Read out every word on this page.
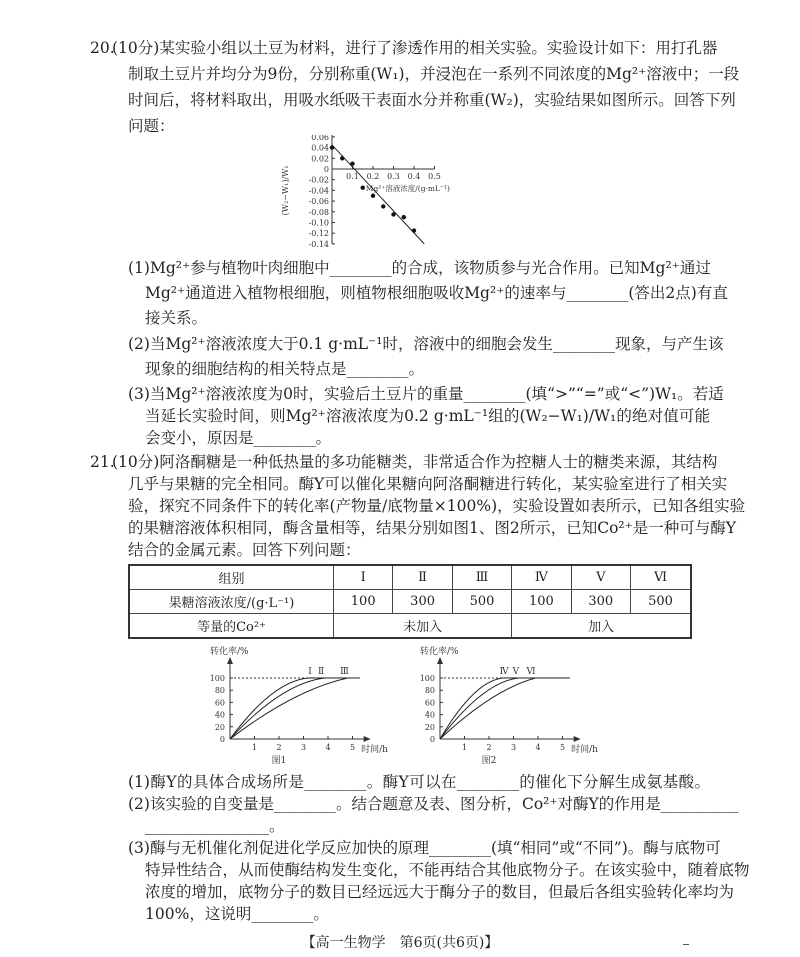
20.
(10分)某实验小组以土豆为材料，进行了渗透作用的相关实验。实验设计如下：用打孔器
制取土豆片并均分为9份，分别称重(W₁)，并浸泡在一系列不同浓度的Mg²⁺溶液中；一段
时间后，将材料取出，用吸水纸吸干表面水分并称重(W₂)，实验结果如图所示。回答下列
问题：
0.06
0.04
0.02
0
-0.02
-0.04
-0.06
-0.08
-0.10
-0.12
-0.14
0.1 0.2 0.3 0.4 0.5
Mg²⁺溶液浓度/(g·mL⁻¹)
(W₂−W₁)/W₁
(1)Mg²⁺参与植物叶肉细胞中________的合成，该物质参与光合作用。已知Mg²⁺通过
Mg²⁺通道进入植物根细胞，则植物根细胞吸收Mg²⁺的速率与________(答出2点)有直
接关系。
(2)当Mg²⁺溶液浓度大于0.1 g·mL⁻¹时，溶液中的细胞会发生________现象，与产生该
现象的细胞结构的相关特点是________。
(3)当Mg²⁺溶液浓度为0时，实验后土豆片的重量________(填“>”“=”或“<”)W₁。若适
当延长实验时间，则Mg²⁺溶液浓度为0.2 g·mL⁻¹组的(W₂−W₁)/W₁的绝对值可能
会变小，原因是________。
21.
(10分)阿洛酮糖是一种低热量的多功能糖类，非常适合作为控糖人士的糖类来源，其结构
几乎与果糖的完全相同。酶Y可以催化果糖向阿洛酮糖进行转化，某实验室进行了相关实
验，探究不同条件下的转化率(产物量/底物量×100%)，实验设置如表所示，已知各组实验
的果糖溶液体积相同，酶含量相等，结果分别如图1、图2所示，已知Co²⁺是一种可与酶Y
结合的金属元素。回答下列问题：
组别	Ⅰ	Ⅱ	Ⅲ	Ⅳ	Ⅴ	Ⅵ
果糖溶液浓度/(g·L⁻¹)	100	300	500	100	300	500
等量的Co²⁺	未加入			加入		
转化率/%
时间/h
图1
0
20
40
60
80
100
1 2 3 4 5
Ⅰ Ⅱ Ⅲ
转化率/%
时间/h
图2
0
20
40
60
80
100
1 2 3 4 5
Ⅳ Ⅴ Ⅵ
(1)酶Y的具体合成场所是________。酶Y可以在________的催化下分解生成氨基酸。
(2)该实验的自变量是________。结合题意及表、图分析，Co²⁺对酶Y的作用是__________
________________。
(3)酶与无机催化剂促进化学反应加快的原理________(填“相同”或“不同”)。酶与底物可
特异性结合，从而使酶结构发生变化，不能再结合其他底物分子。在该实验中，随着底物
浓度的增加，底物分子的数目已经远远大于酶分子的数目，但最后各组实验转化率均为
100%，这说明________。
【高一生物学　第6页(共6页)】
